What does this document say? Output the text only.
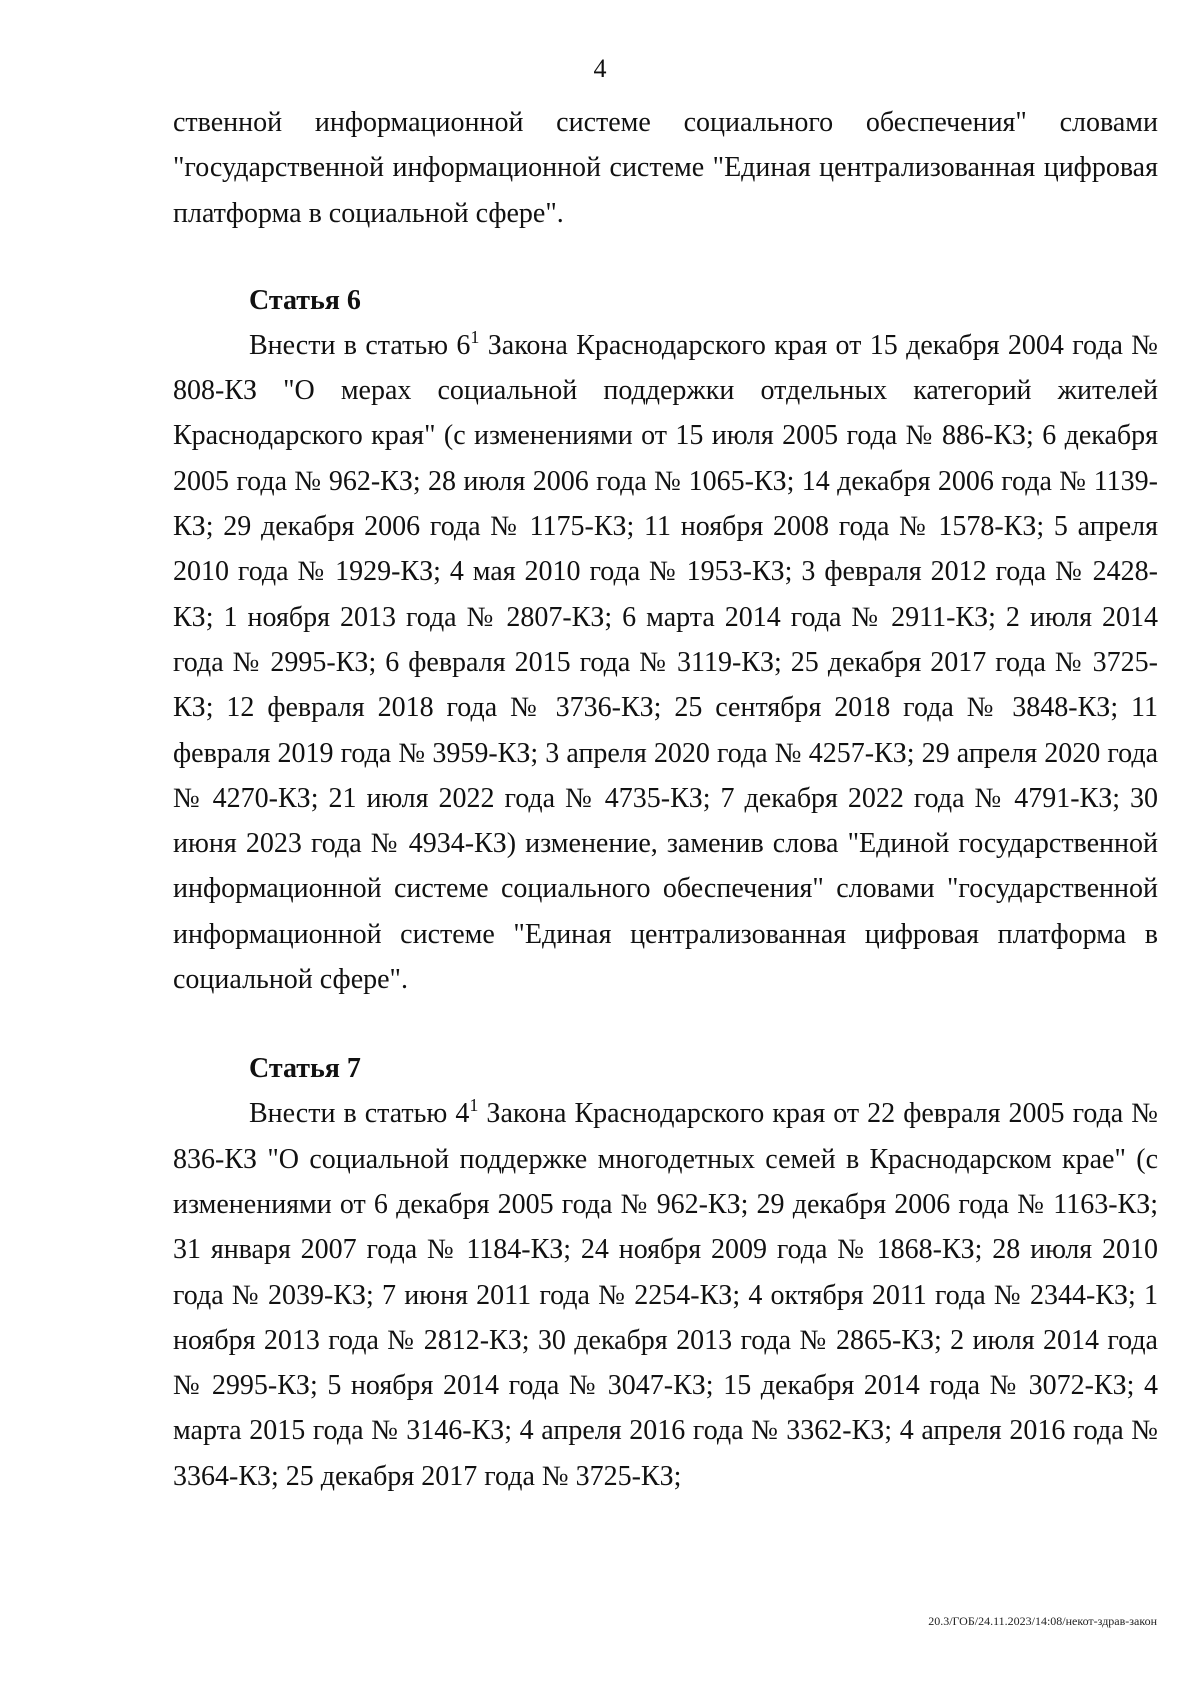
4

ственной информационной системе социального обеспечения" словами "государственной информационной системе "Единая централизованная цифровая платформа в социальной сфере".

Статья 6

Внести в статью $6^1$ Закона Краснодарского края от 15 декабря 2004 года № 808-КЗ "О мерах социальной поддержки отдельных категорий жителей Краснодарского края" (с изменениями от 15 июля 2005 года № 886-КЗ; 6 декабря 2005 года № 962-КЗ; 28 июля 2006 года № 1065-КЗ; 14 декабря 2006 года № 1139-КЗ; 29 декабря 2006 года № 1175-КЗ; 11 ноября 2008 года № 1578-КЗ; 5 апреля 2010 года № 1929-КЗ; 4 мая 2010 года № 1953-КЗ; 3 февраля 2012 года № 2428-КЗ; 1 ноября 2013 года № 2807-КЗ; 6 марта 2014 года № 2911-КЗ; 2 июля 2014 года № 2995-КЗ; 6 февраля 2015 года № 3119-КЗ; 25 декабря 2017 года № 3725-КЗ; 12 февраля 2018 года № 3736-КЗ; 25 сентября 2018 года № 3848-КЗ; 11 февраля 2019 года № 3959-КЗ; 3 апреля 2020 года № 4257-КЗ; 29 апреля 2020 года № 4270-КЗ; 21 июля 2022 года № 4735-КЗ; 7 декабря 2022 года № 4791-КЗ; 30 июня 2023 года № 4934-КЗ) изменение, заменив слова "Единой государственной информационной системе социального обеспечения" словами "государственной информационной системе "Единая централизованная цифровая платформа в социальной сфере".

Статья 7

Внести в статью $4^1$ Закона Краснодарского края от 22 февраля 2005 года № 836-КЗ "О социальной поддержке многодетных семей в Краснодарском крае" (с изменениями от 6 декабря 2005 года № 962-КЗ; 29 декабря 2006 года № 1163-КЗ; 31 января 2007 года № 1184-КЗ; 24 ноября 2009 года № 1868-КЗ; 28 июля 2010 года № 2039-КЗ; 7 июня 2011 года № 2254-КЗ; 4 октября 2011 года № 2344-КЗ; 1 ноября 2013 года № 2812-КЗ; 30 декабря 2013 года № 2865-КЗ; 2 июля 2014 года № 2995-КЗ; 5 ноября 2014 года № 3047-КЗ; 15 декабря 2014 года № 3072-КЗ; 4 марта 2015 года № 3146-КЗ; 4 апреля 2016 года № 3362-КЗ; 4 апреля 2016 года № 3364-КЗ; 25 декабря 2017 года № 3725-КЗ;

20.3/ГОБ/24.11.2023/14:08/некот-здрав-закон
